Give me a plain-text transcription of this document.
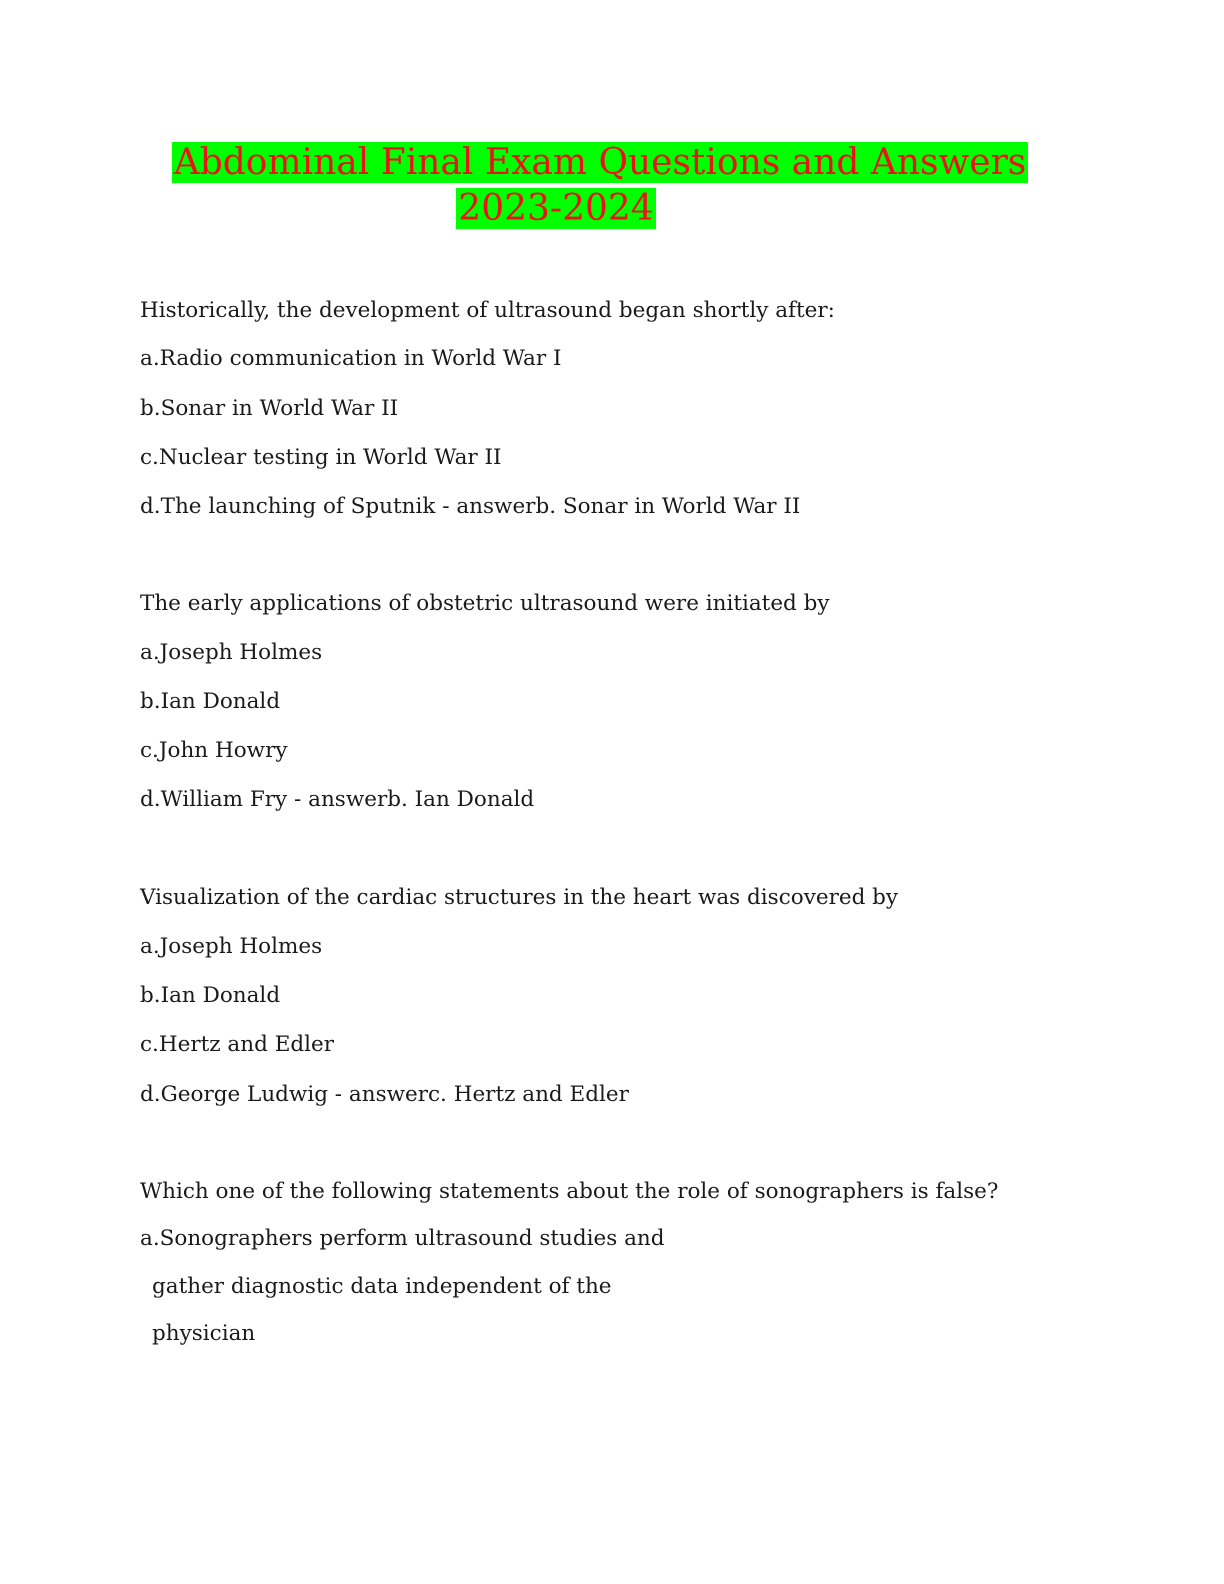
Abdominal Final Exam Questions and Answers
2023-2024
Historically, the development of ultrasound began shortly after:
a.Radio communication in World War I
b.Sonar in World War II
c.Nuclear testing in World War II
d.The launching of Sputnik - answerb. Sonar in World War II
The early applications of obstetric ultrasound were initiated by
a.Joseph Holmes
b.Ian Donald
c.John Howry
d.William Fry - answerb. Ian Donald
Visualization of the cardiac structures in the heart was discovered by
a.Joseph Holmes
b.Ian Donald
c.Hertz and Edler
d.George Ludwig - answerc. Hertz and Edler
Which one of the following statements about the role of sonographers is false?
a.Sonographers perform ultrasound studies and
gather diagnostic data independent of the
physician
